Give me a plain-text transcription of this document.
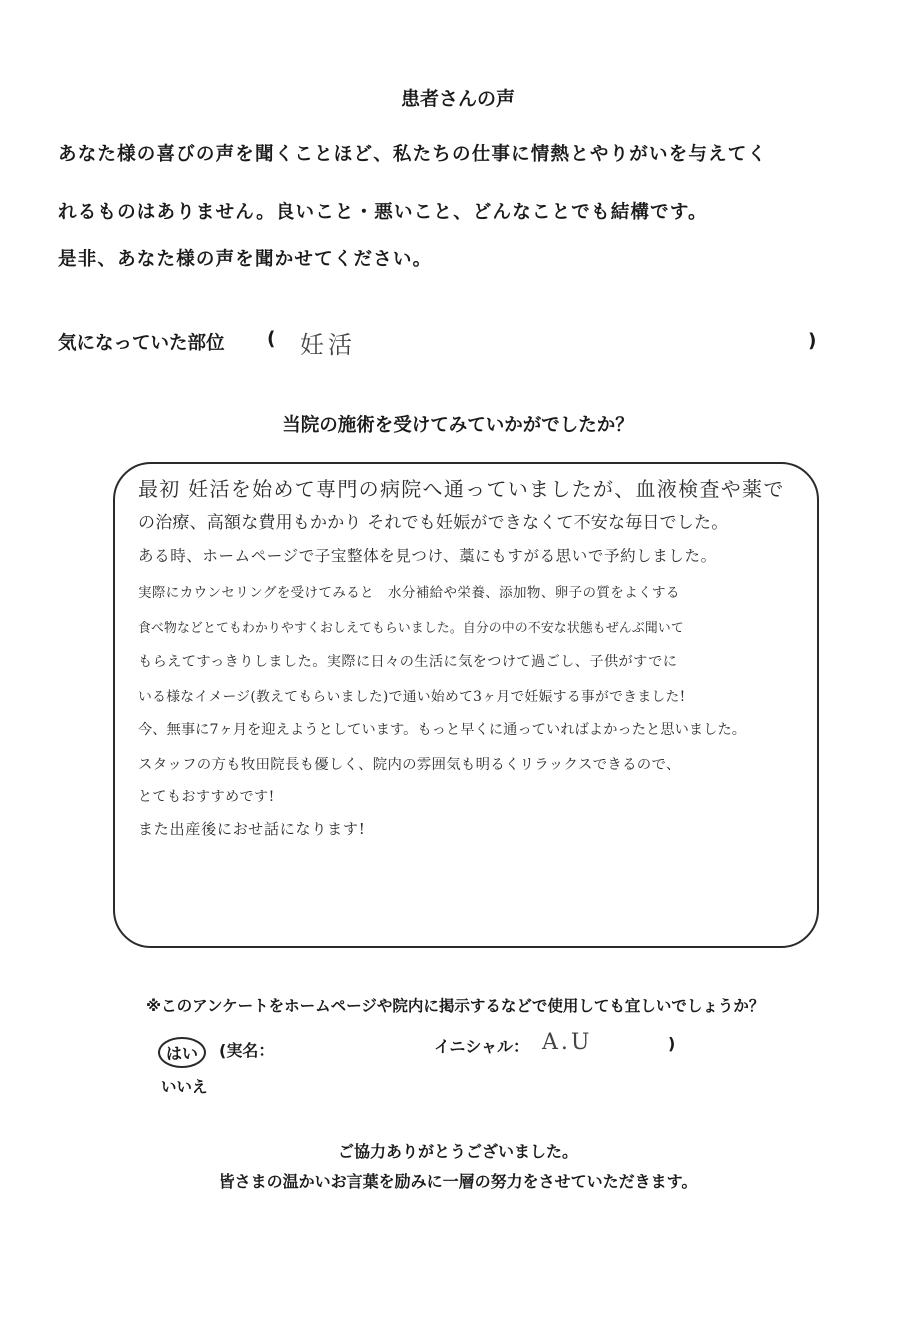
患者さんの声
あなた様の喜びの声を聞くことほど、私たちの仕事に情熱とやりがいを与えてく
れるものはありません。良いこと・悪いこと、どんなことでも結構です。
是非、あなた様の声を聞かせてください。
気になっていた部位 ( 妊活	)
当院の施術を受けてみていかがでしたか？
最初 妊活を始めて専門の病院へ通っていましたが、血液検査や薬で
の治療、高額な費用もかかり それでも妊娠ができなくて不安な毎日でした。
ある時、ホームページで子宝整体を見つけ、藁にもすがる思いで予約しました。
実際にカウンセリングを受けてみると　水分補給や栄養、添加物、卵子の質をよくする
食べ物などとてもわかりやすくおしえてもらいました。自分の中の不安な状態もぜんぶ聞いて
もらえてすっきりしました。実際に日々の生活に気をつけて過ごし、子供がすでに
いる様なイメージ(教えてもらいました)で通い始めて3ヶ月で妊娠する事ができました!
今、無事に7ヶ月を迎えようとしています。もっと早くに通っていればよかったと思いました。
スタッフの方も牧田院長も優しく、院内の雰囲気も明るくリラックスできるので、
とてもおすすめです!
また出産後におせ話になります!
※このアンケートをホームページや院内に掲示するなどで使用しても宜しいでしょうか？
はい	(実名：	イニシャル： A.U	)
いいえ
ご協力ありがとうございました。
皆さまの温かいお言葉を励みに一層の努力をさせていただきます。
